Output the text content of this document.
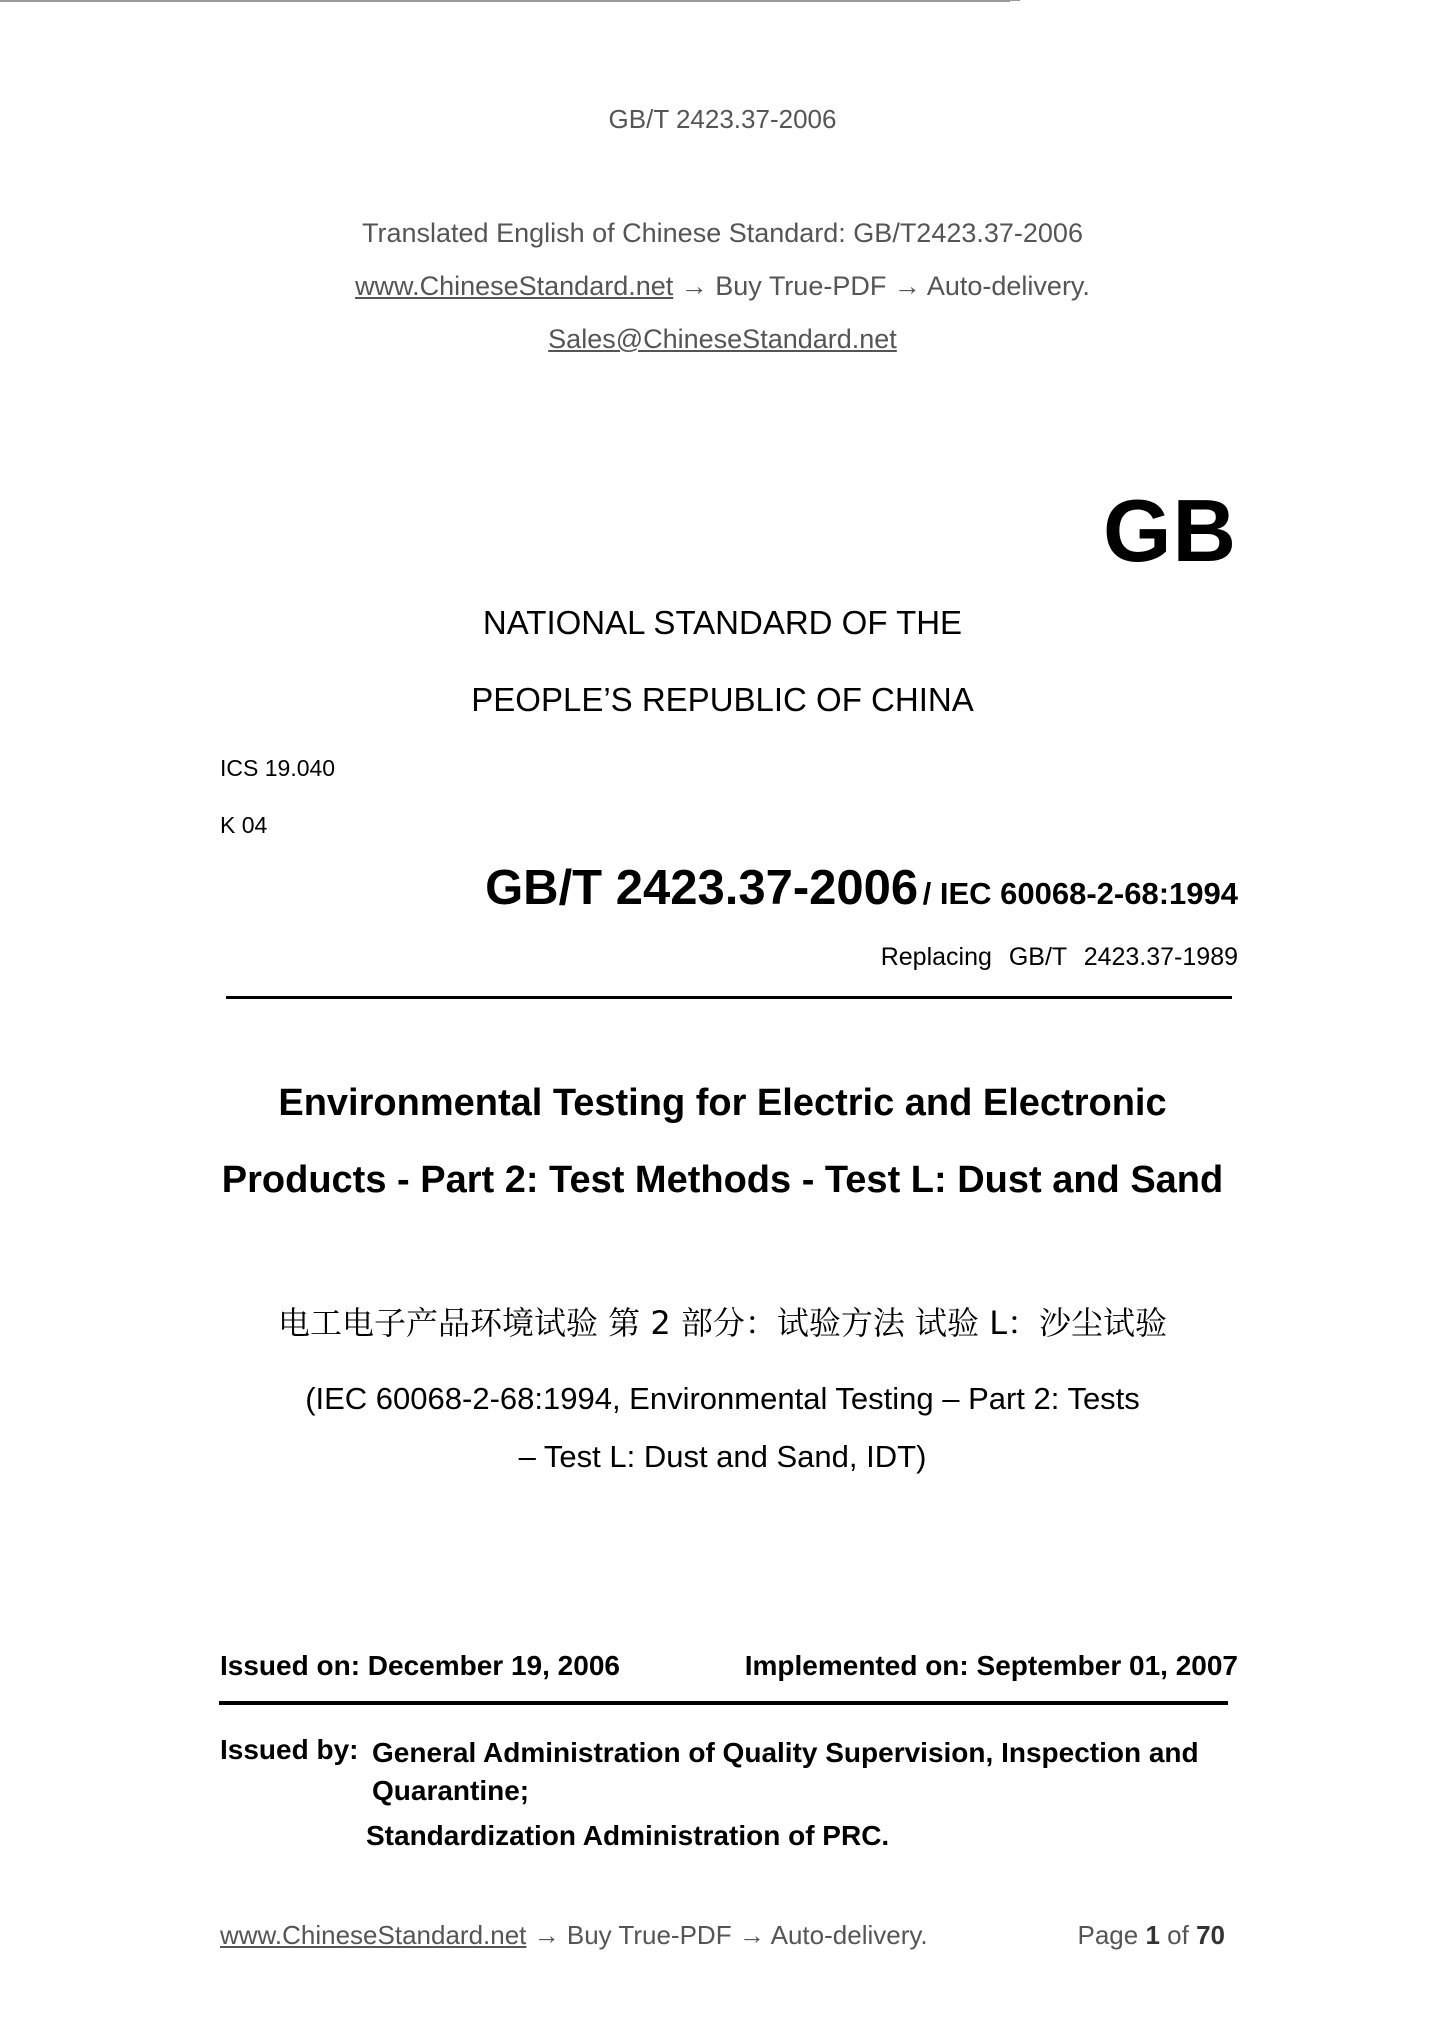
GB/T 2423.37-2006
Translated English of Chinese Standard: GB/T2423.37-2006
www.ChineseStandard.net → Buy True-PDF → Auto-delivery.
Sales@ChineseStandard.net
GB
NATIONAL STANDARD OF THE
PEOPLE’S REPUBLIC OF CHINA
ICS 19.040
K 04
GB/T 2423.37-2006 / IEC 60068-2-68:1994
Replacing GB/T 2423.37-1989
Environmental Testing for Electric and Electronic Products - Part 2: Test Methods - Test L: Dust and Sand
电工电子产品环境试验 第 2 部分：试验方法 试验 L：沙尘试验
(IEC 60068-2-68:1994, Environmental Testing – Part 2: Tests – Test L: Dust and Sand, IDT)
Issued on: December 19, 2006	Implemented on: September 01, 2007
Issued by: General Administration of Quality Supervision, Inspection and Quarantine;
Standardization Administration of PRC.
www.ChineseStandard.net → Buy True-PDF → Auto-delivery.	Page 1 of 70
